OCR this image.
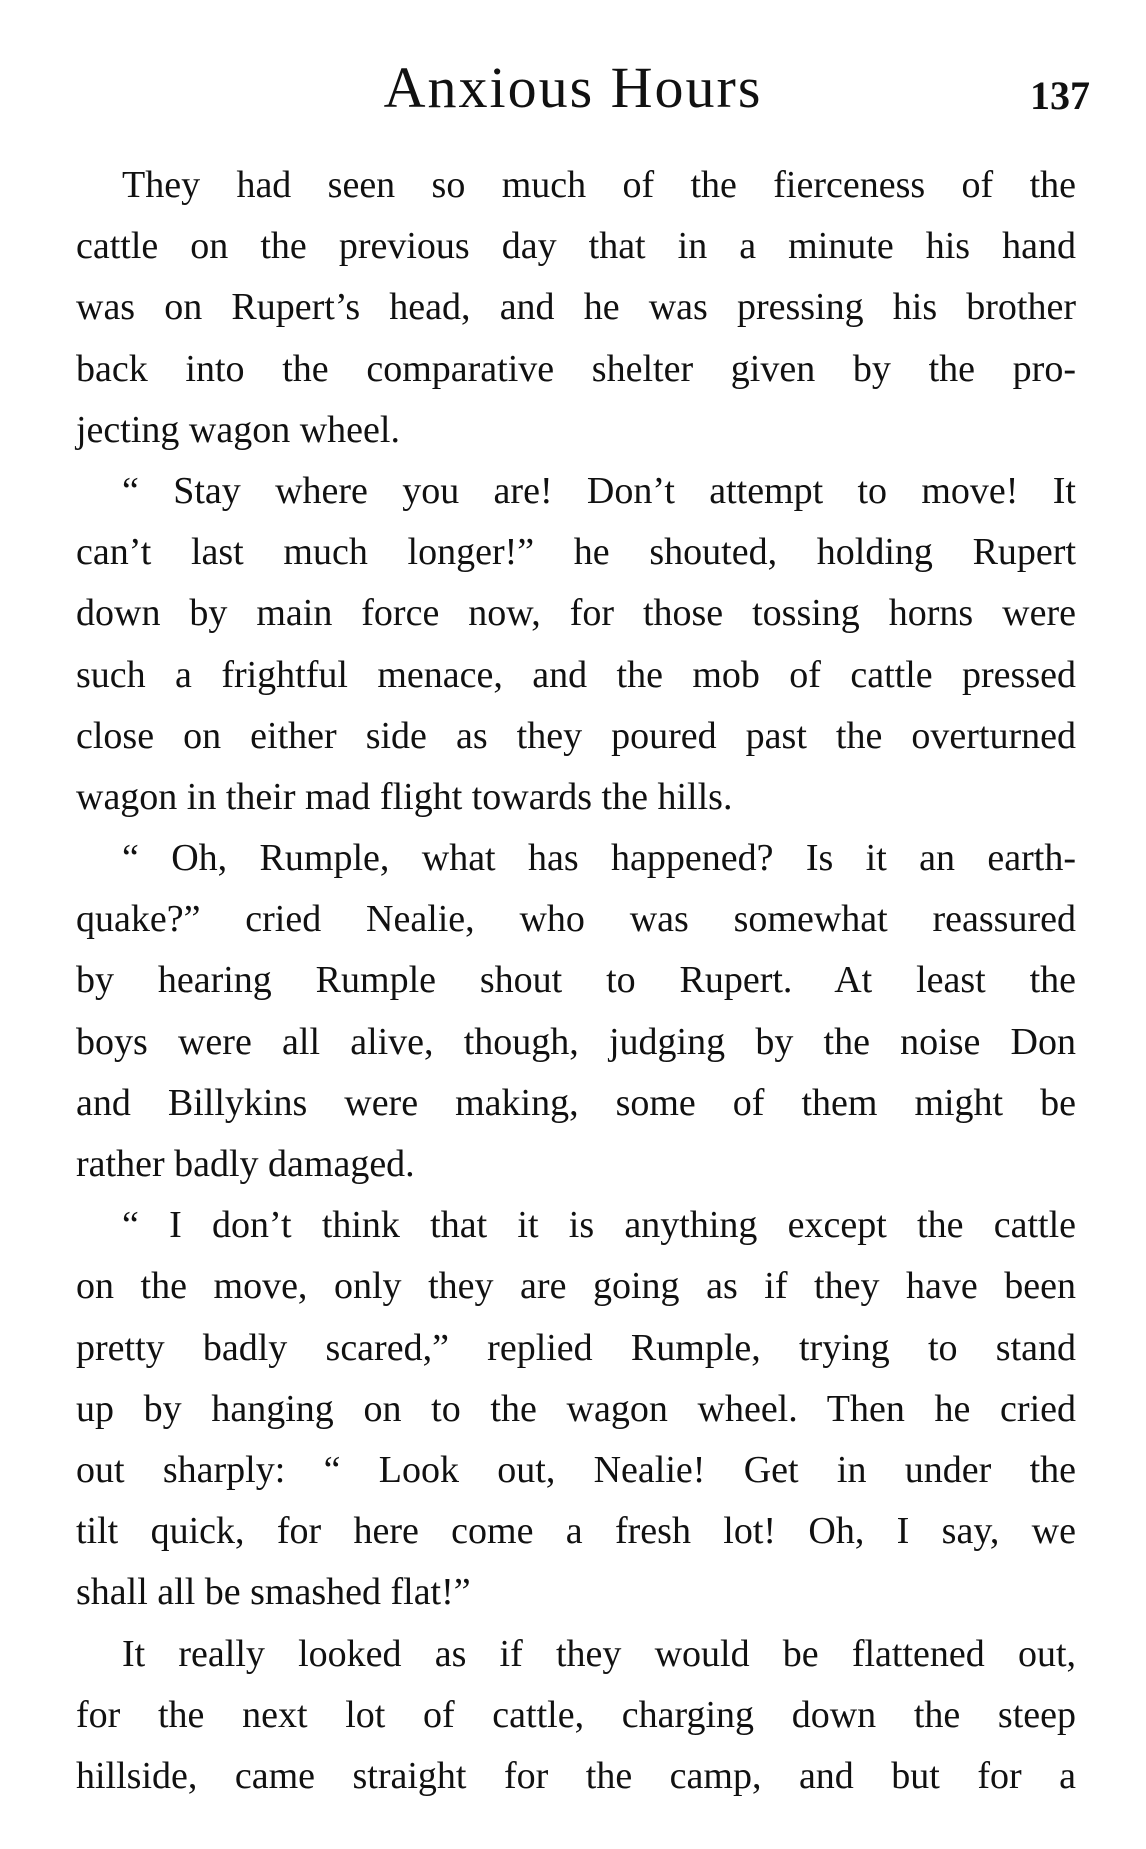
Anxious Hours	137
They had seen so much of the fierceness of the
cattle on the previous day that in a minute his hand
was on Rupert’s head, and he was pressing his brother
back into the comparative shelter given by the pro-
jecting wagon wheel.
“ Stay where you are! Don’t attempt to move! It
can’t last much longer!” he shouted, holding Rupert
down by main force now, for those tossing horns were
such a frightful menace, and the mob of cattle pressed
close on either side as they poured past the overturned
wagon in their mad flight towards the hills.
“ Oh, Rumple, what has happened? Is it an earth-
quake?” cried Nealie, who was somewhat reassured
by hearing Rumple shout to Rupert. At least the
boys were all alive, though, judging by the noise Don
and Billykins were making, some of them might be
rather badly damaged.
“ I don’t think that it is anything except the cattle
on the move, only they are going as if they have been
pretty badly scared,” replied Rumple, trying to stand
up by hanging on to the wagon wheel. Then he cried
out sharply: “ Look out, Nealie! Get in under the
tilt quick, for here come a fresh lot! Oh, I say, we
shall all be smashed flat!”
It really looked as if they would be flattened out,
for the next lot of cattle, charging down the steep
hillside, came straight for the camp, and but for a
